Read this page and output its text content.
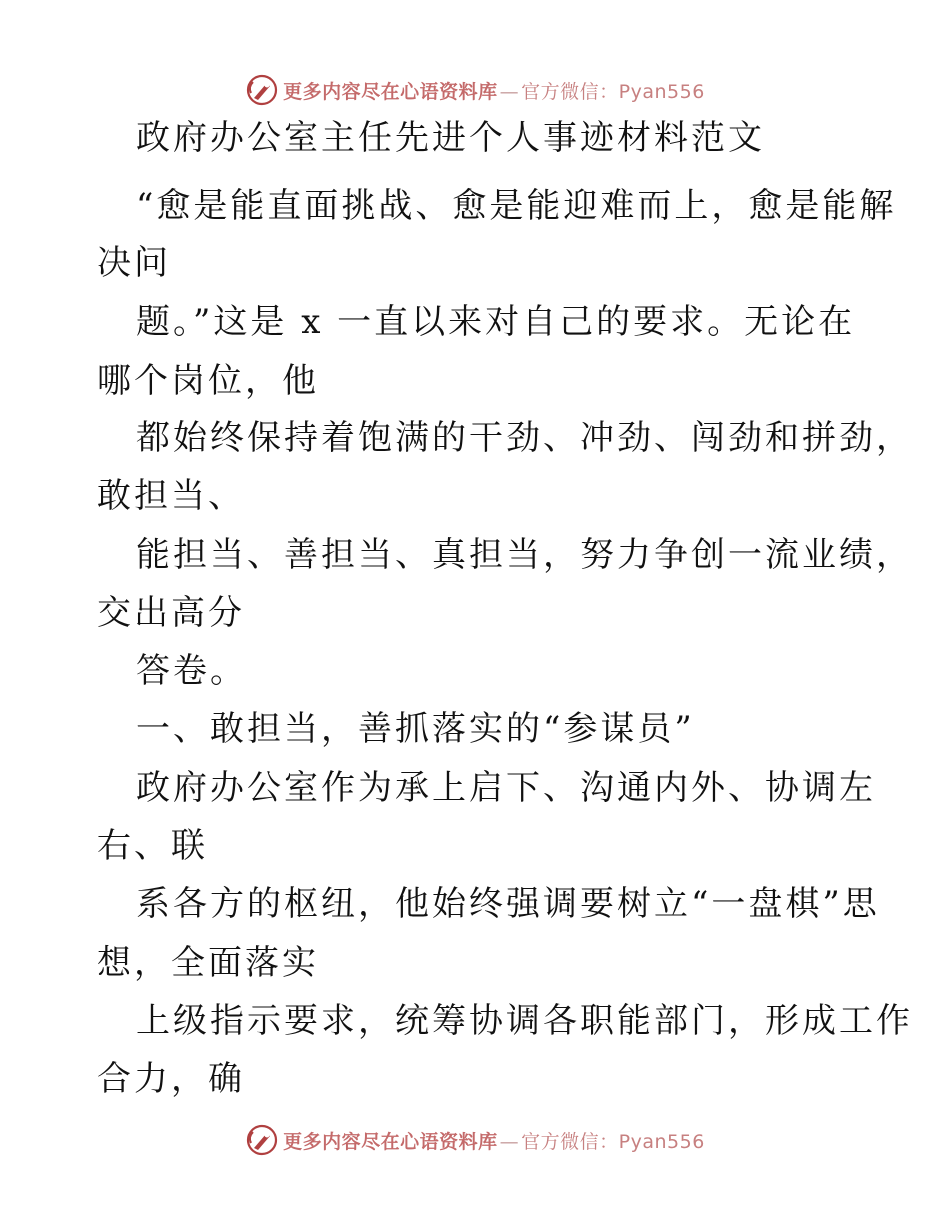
更多内容尽在心语资料库 — 官方微信：Pyan556
政府办公室主任先进个人事迹材料范文
“愈是能直面挑战、愈是能迎难而上，愈是能解
决问
题。”这是 x 一直以来对自己的要求。无论在
哪个岗位，他
都始终保持着饱满的干劲、冲劲、闯劲和拼劲，
敢担当、
能担当、善担当、真担当，努力争创一流业绩，
交出高分
答卷。
一、敢担当，善抓落实的“参谋员”
政府办公室作为承上启下、沟通内外、协调左
右、联
系各方的枢纽，他始终强调要树立“一盘棋”思
想，全面落实
上级指示要求，统筹协调各职能部门，形成工作
合力，确
更多内容尽在心语资料库 — 官方微信：Pyan556
